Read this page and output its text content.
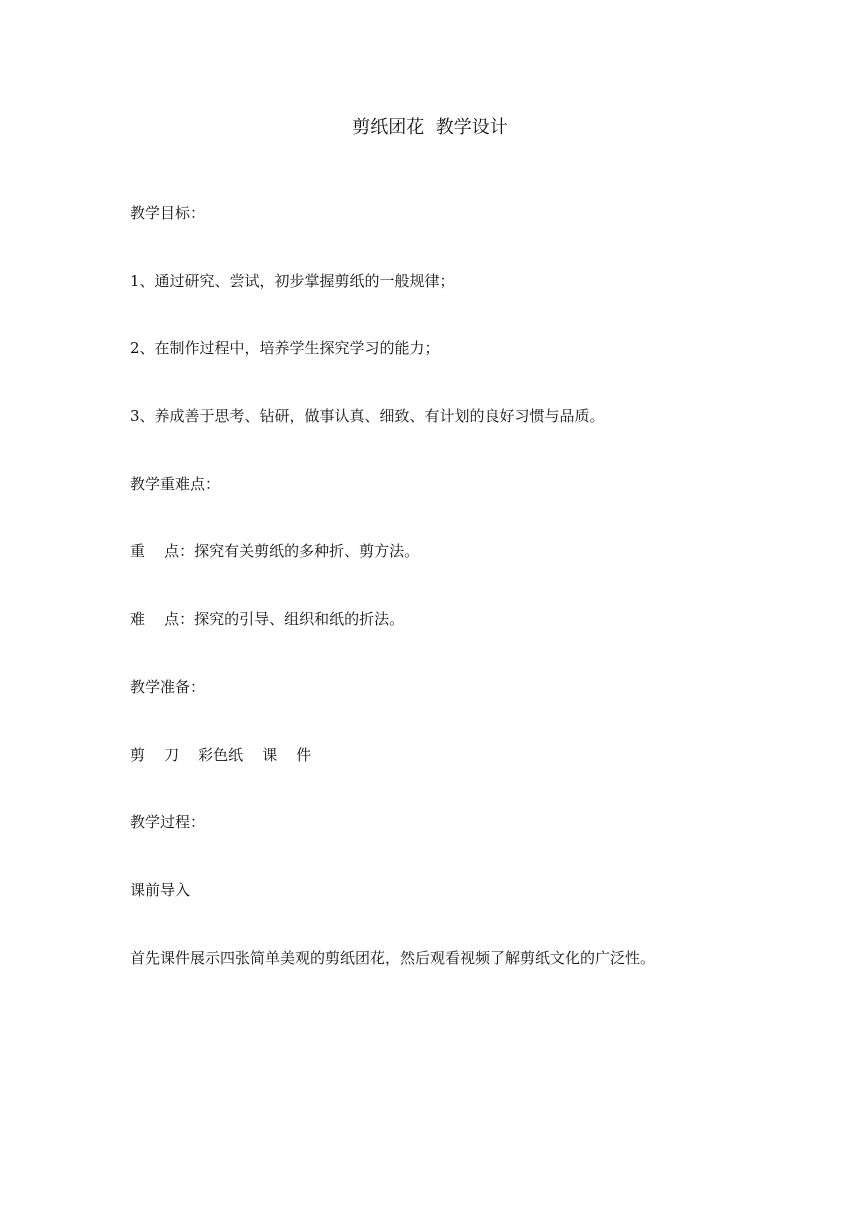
剪纸团花  教学设计
教学目标：
1、通过研究、尝试，初步掌握剪纸的一般规律；
2、在制作过程中，培养学生探究学习的能力；
3、养成善于思考、钻研，做事认真、细致、有计划的良好习惯与品质。
教学重难点：
重    点：探究有关剪纸的多种折、剪方法。
难    点：探究的引导、组织和纸的折法。
教学准备：
剪    刀    彩色纸    课    件
教学过程：
课前导入
首先课件展示四张简单美观的剪纸团花，然后观看视频了解剪纸文化的广泛性。
